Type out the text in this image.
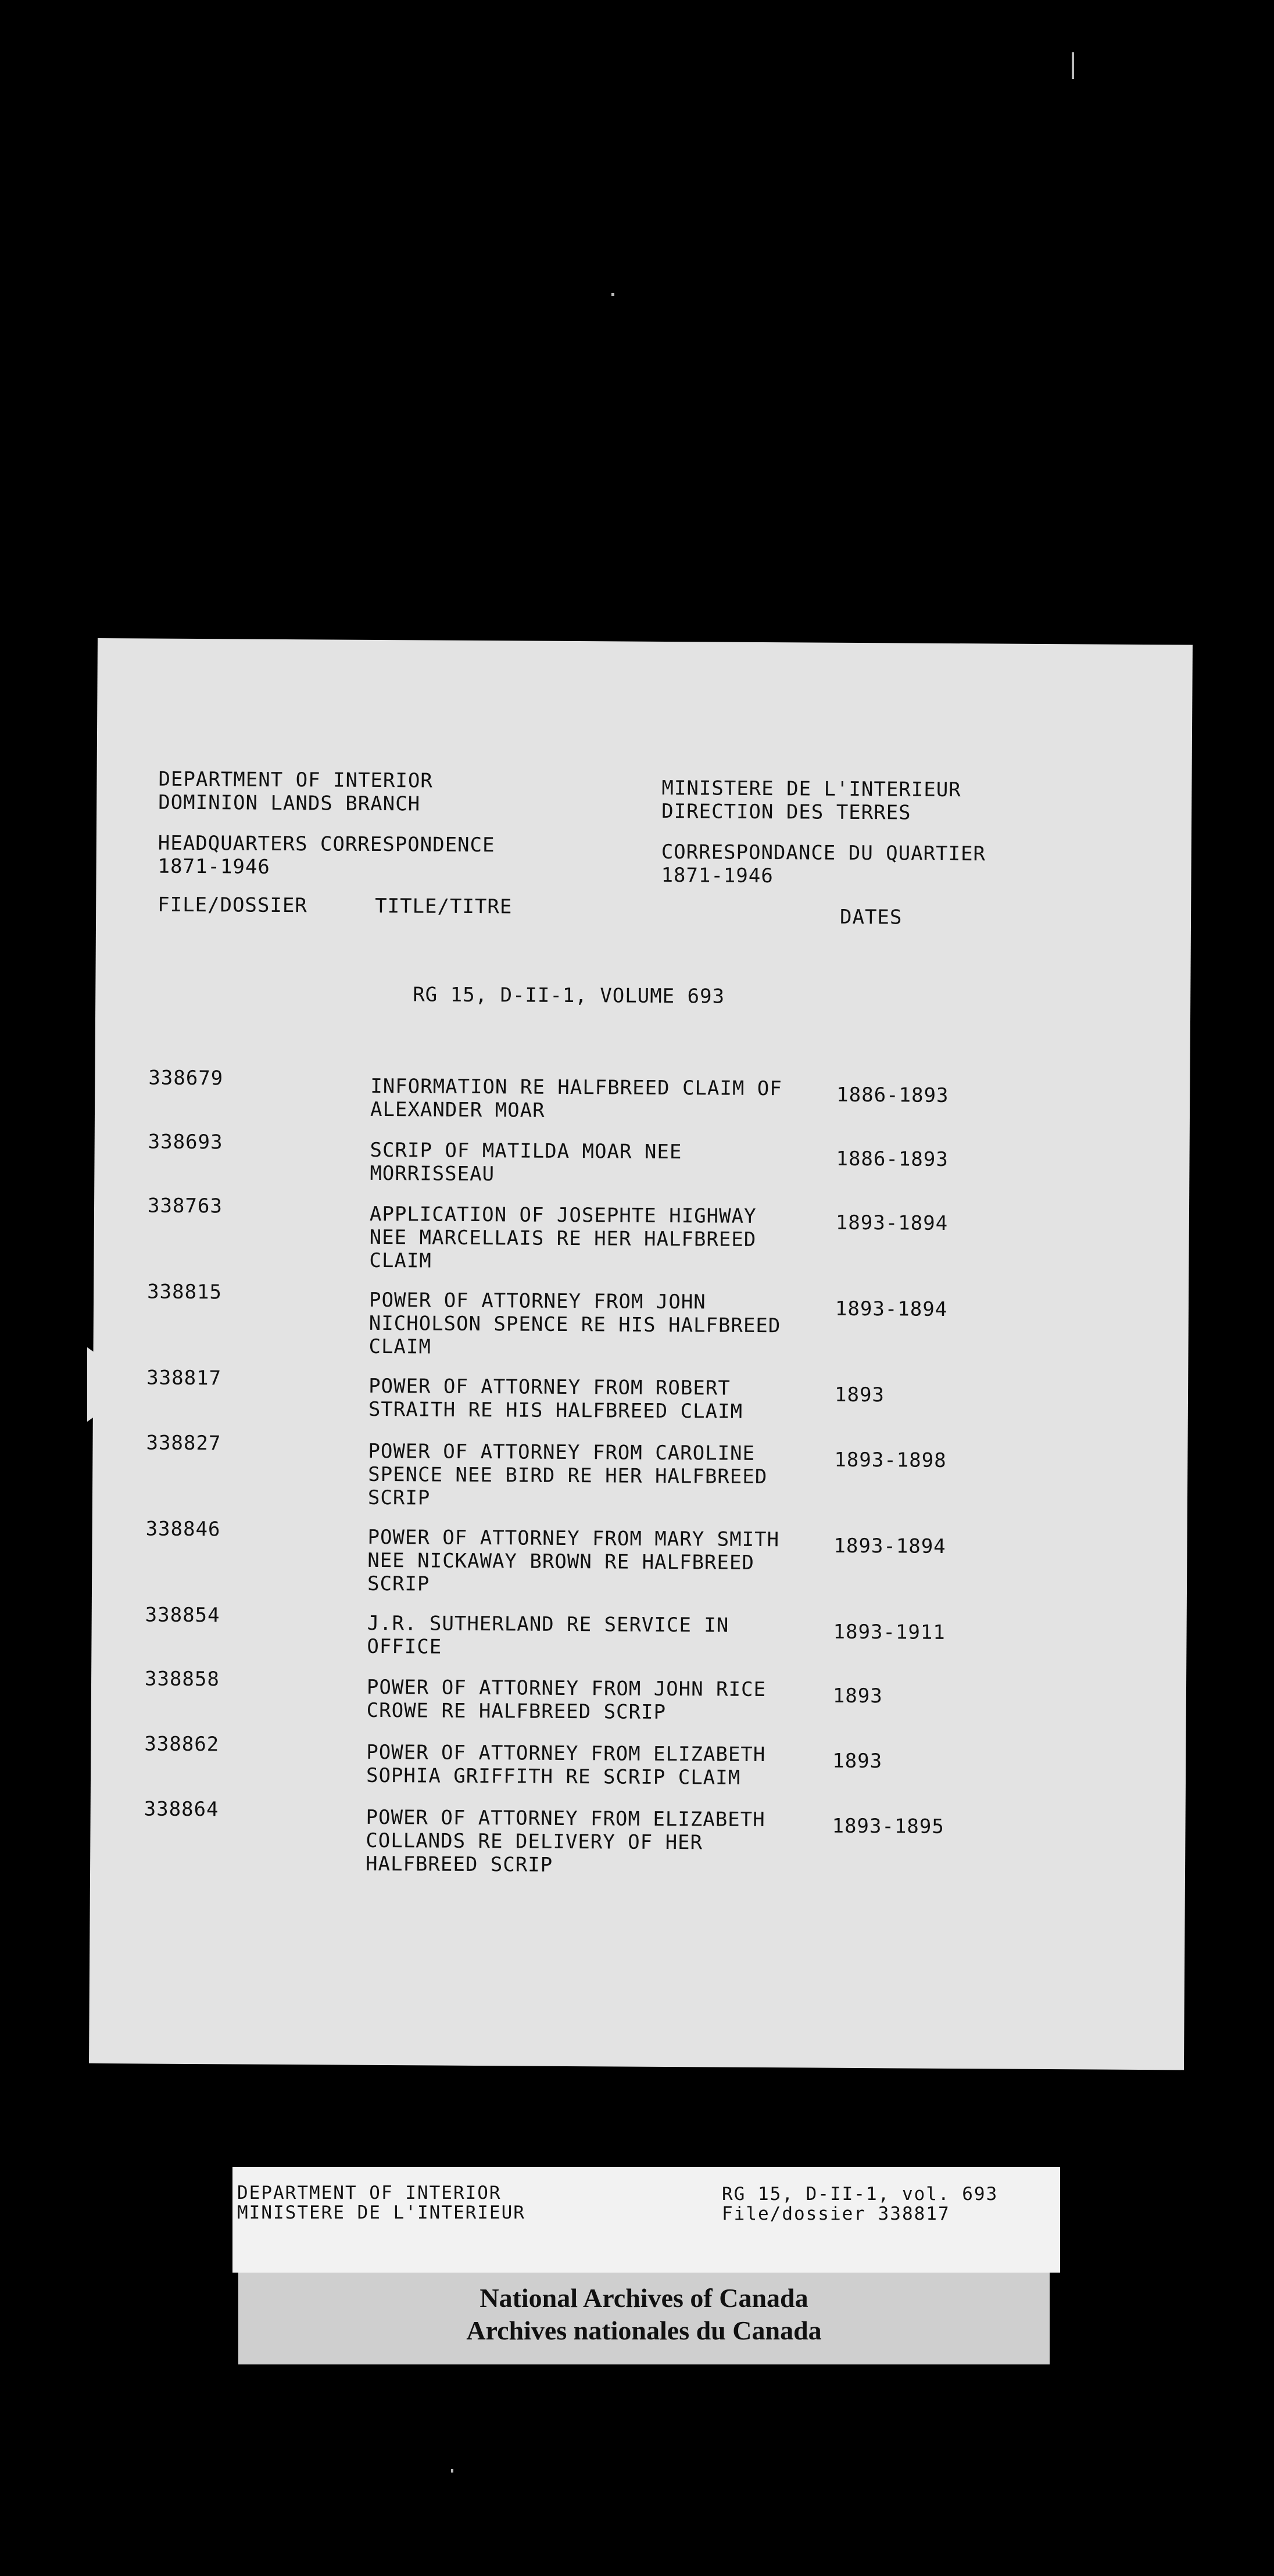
DEPARTMENT OF INTERIOR
DOMINION LANDS BRANCH
MINISTERE DE L'INTERIEUR
DIRECTION DES TERRES
HEADQUARTERS CORRESPONDENCE
1871-1946
CORRESPONDANCE DU QUARTIER
1871-1946
FILE/DOSSIER	TITLE/TITRE	DATES
RG 15, D-II-1, VOLUME 693
338679	INFORMATION RE HALFBREED CLAIM OF
ALEXANDER MOAR
1886-1893
338693	SCRIP OF MATILDA MOAR NEE
MORRISSEAU
1886-1893
338763	APPLICATION OF JOSEPHTE HIGHWAY
NEE MARCELLAIS RE HER HALFBREED
CLAIM
1893-1894
338815	POWER OF ATTORNEY FROM JOHN
NICHOLSON SPENCE RE HIS HALFBREED
CLAIM
1893-1894
338817	POWER OF ATTORNEY FROM ROBERT
STRAITH RE HIS HALFBREED CLAIM
1893
338827	POWER OF ATTORNEY FROM CAROLINE
SPENCE NEE BIRD RE HER HALFBREED
SCRIP
1893-1898
338846	POWER OF ATTORNEY FROM MARY SMITH
NEE NICKAWAY BROWN RE HALFBREED
SCRIP
1893-1894
338854	J.R. SUTHERLAND RE SERVICE IN
OFFICE
1893-1911
338858	POWER OF ATTORNEY FROM JOHN RICE
CROWE RE HALFBREED SCRIP
1893
338862	POWER OF ATTORNEY FROM ELIZABETH
SOPHIA GRIFFITH RE SCRIP CLAIM
1893
338864	POWER OF ATTORNEY FROM ELIZABETH
COLLANDS RE DELIVERY OF HER
HALFBREED SCRIP
1893-1895
DEPARTMENT OF INTERIOR
MINISTERE DE L'INTERIEUR
RG 15, D-II-1, vol. 693
File/dossier 338817
National Archives of Canada
Archives nationales du Canada
